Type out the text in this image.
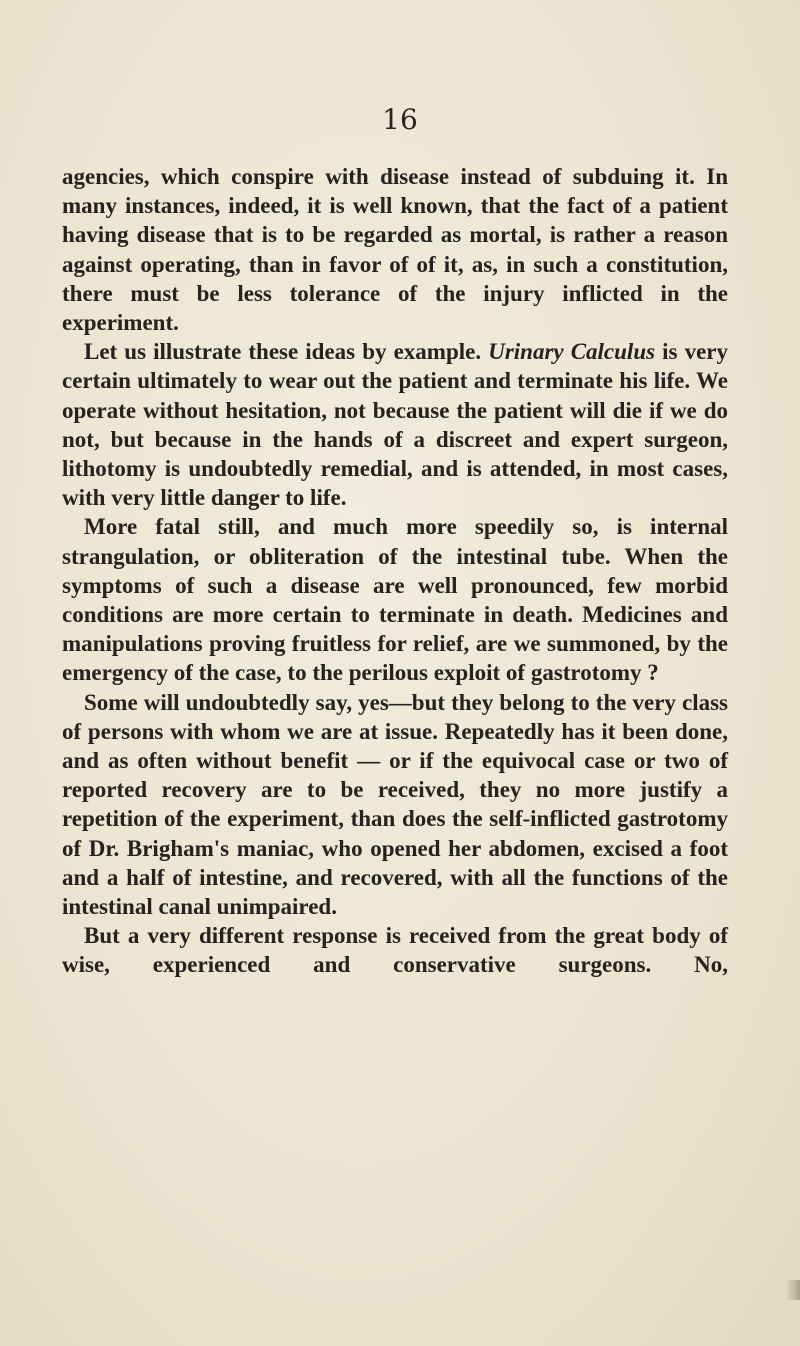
16

agencies, which conspire with disease instead of subduing it. In many instances, indeed, it is well known, that the fact of a patient having disease that is to be regarded as mortal, is rather a reason against operating, than in favor of of it, as, in such a constitution, there must be less tolerance of the injury inflicted in the experiment.

Let us illustrate these ideas by example. Urinary Calculus is very certain ultimately to wear out the patient and terminate his life. We operate without hesitation, not because the patient will die if we do not, but because in the hands of a discreet and expert surgeon, lithotomy is undoubtedly remedial, and is attended, in most cases, with very little danger to life.

More fatal still, and much more speedily so, is internal strangulation, or obliteration of the intestinal tube. When the symptoms of such a disease are well pronounced, few morbid conditions are more certain to terminate in death. Medicines and manipulations proving fruitless for relief, are we summoned, by the emergency of the case, to the perilous exploit of gastrotomy ?

Some will undoubtedly say, yes—but they belong to the very class of persons with whom we are at issue. Repeatedly has it been done, and as often without benefit — or if the equivocal case or two of reported recovery are to be received, they no more justify a repetition of the experiment, than does the self-inflicted gastrotomy of Dr. Brigham's maniac, who opened her abdomen, excised a foot and a half of intestine, and recovered, with all the functions of the intestinal canal unimpaired.

But a very different response is received from the great body of wise, experienced and conservative surgeons. No,
